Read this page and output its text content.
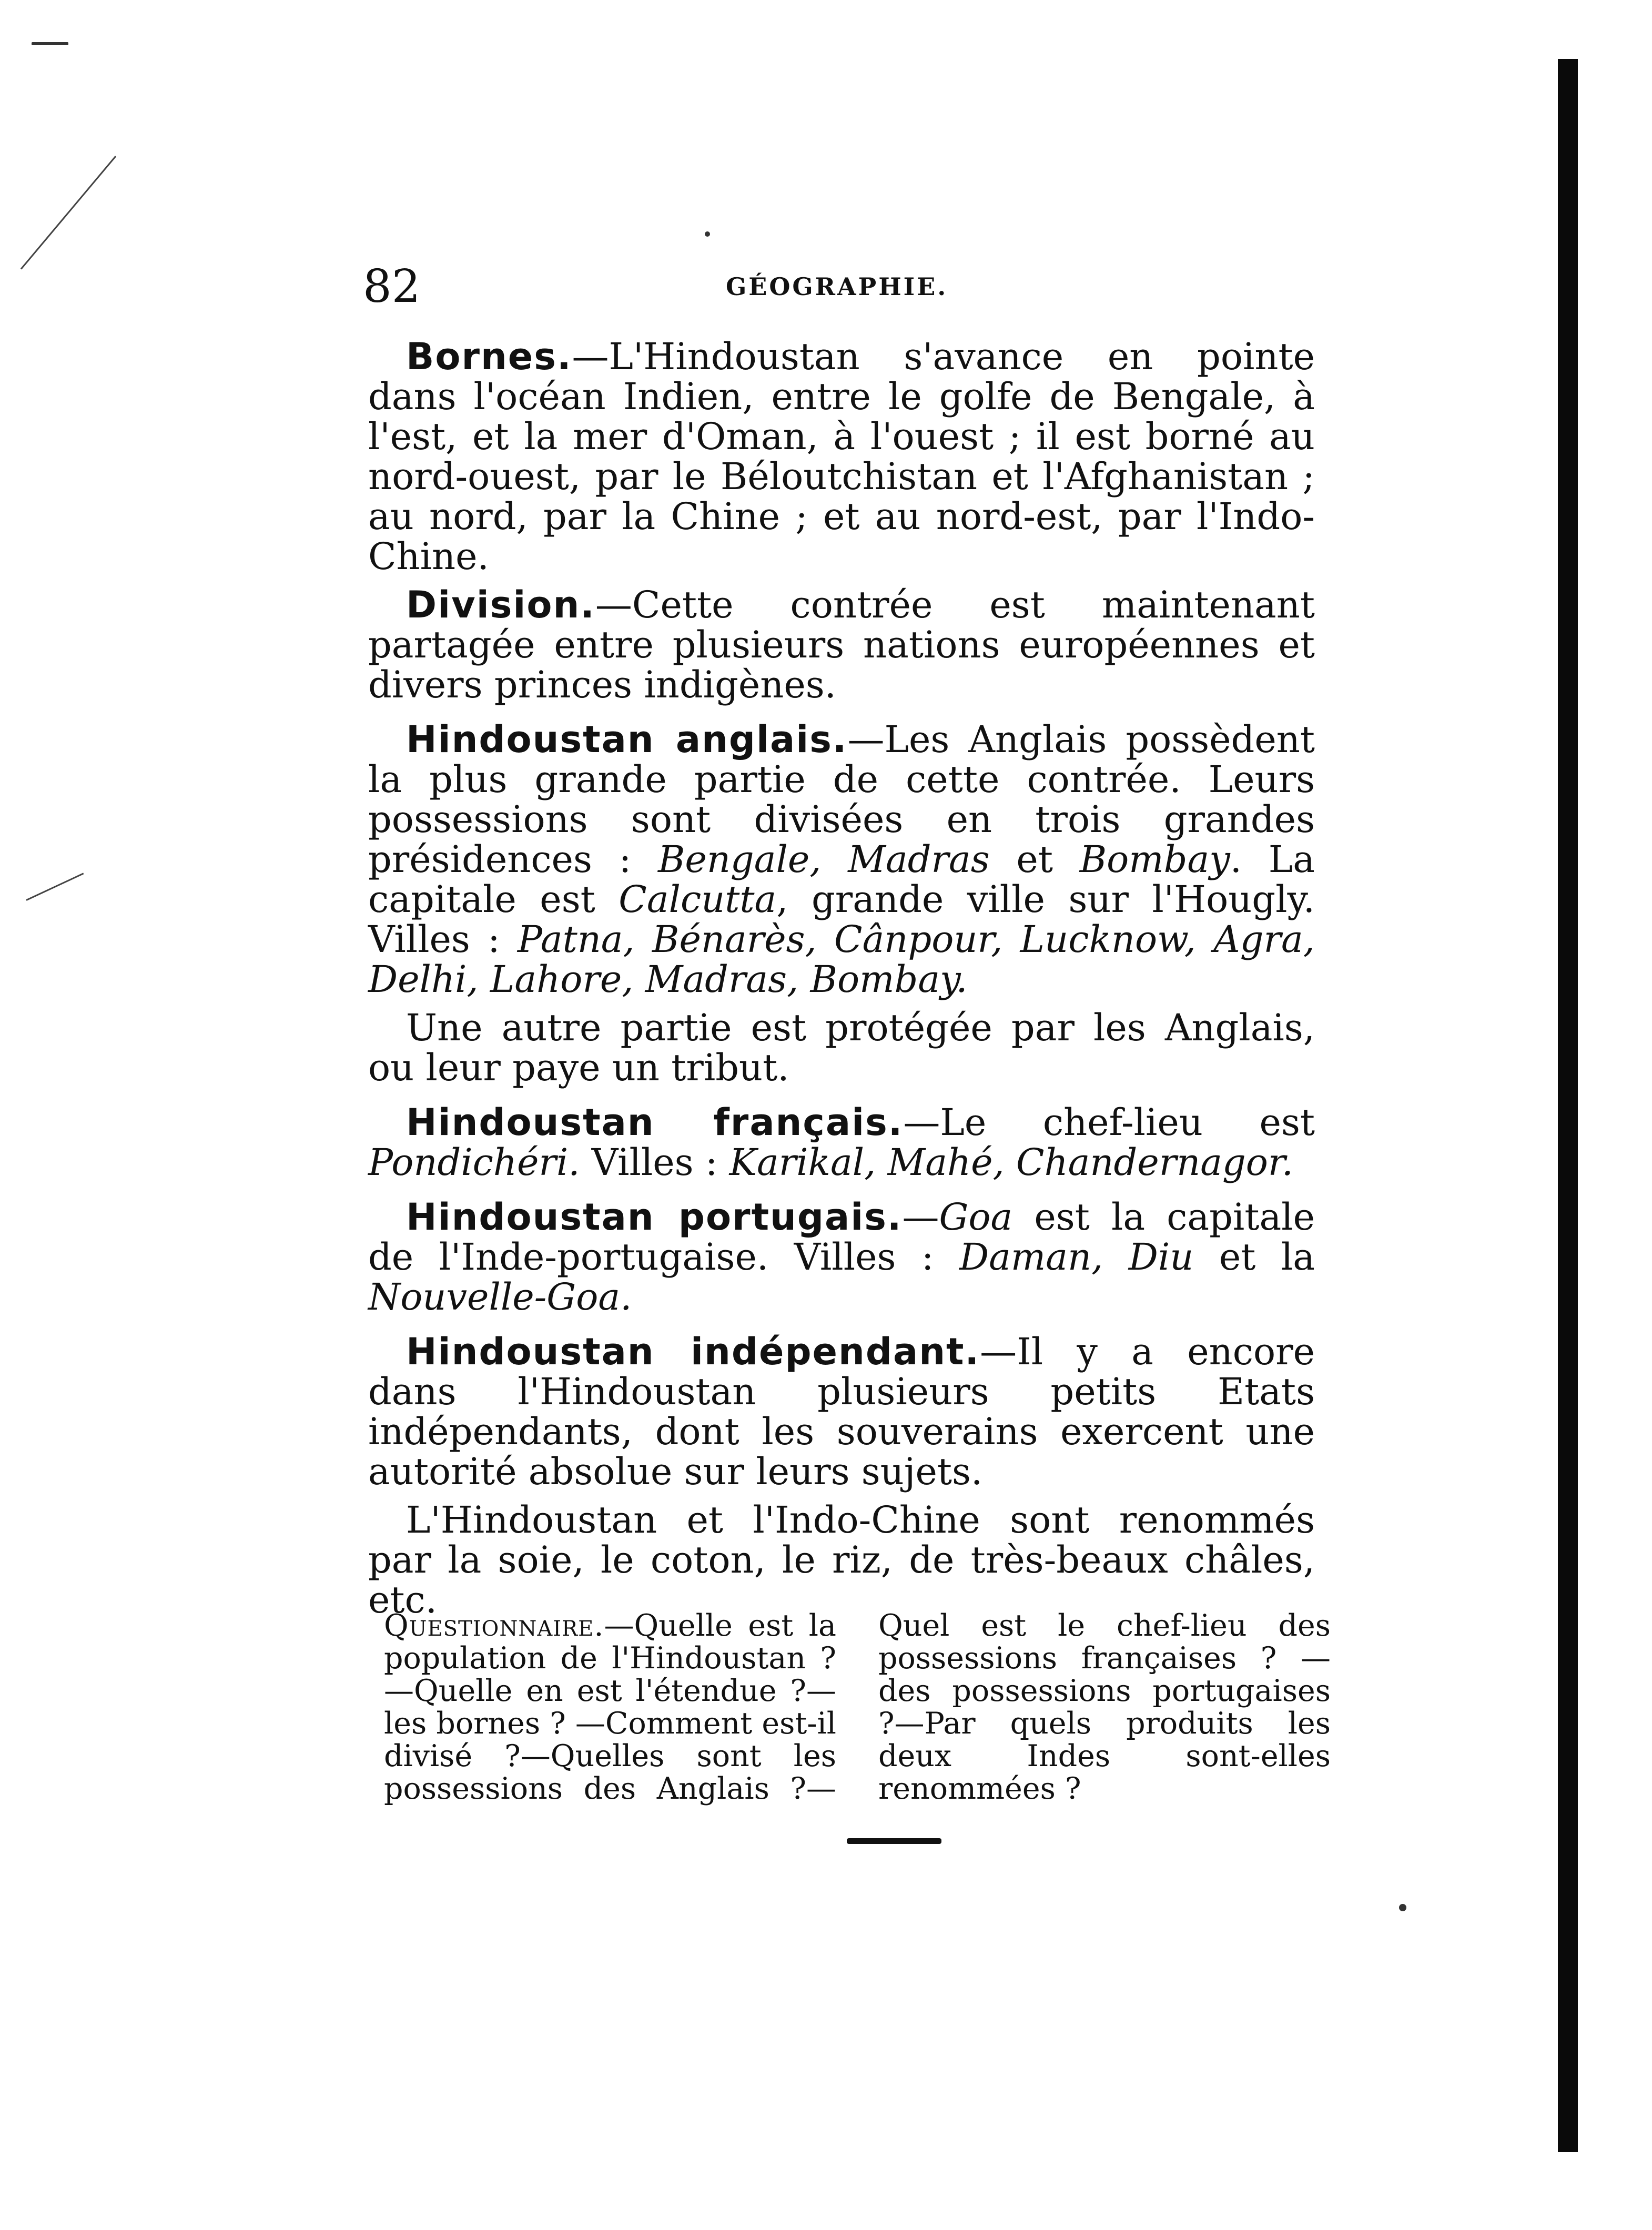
82	GÉOGRAPHIE.

Bornes.—L'Hindoustan s'avance en pointe dans l'océan Indien, entre le golfe de Bengale, à l'est, et la mer d'Oman, à l'ouest ; il est borné au nord-ouest, par le Béloutchistan et l'Afghanistan ; au nord, par la Chine ; et au nord-est, par l'Indo-Chine.

Division.—Cette contrée est maintenant partagée entre plusieurs nations européennes et divers princes indigènes.

Hindoustan anglais.—Les Anglais possèdent la plus grande partie de cette contrée. Leurs possessions sont divisées en trois grandes présidences : Bengale, Madras et Bombay. La capitale est Calcutta, grande ville sur l'Hougly. Villes : Patna, Bénarès, Cânpour, Lucknow, Agra, Delhi, Lahore, Madras, Bombay.

Une autre partie est protégée par les Anglais, ou leur paye un tribut.

Hindoustan français.—Le chef-lieu est Pondichéri. Villes : Karikal, Mahé, Chandernagor.

Hindoustan portugais.—Goa est la capitale de l'Inde-portugaise. Villes : Daman, Diu et la Nouvelle-Goa.

Hindoustan indépendant.—Il y a encore dans l'Hindoustan plusieurs petits Etats indépendants, dont les souverains exercent une autorité absolue sur leurs sujets.

L'Hindoustan et l'Indo-Chine sont renommés par la soie, le coton, le riz, de très-beaux châles, etc.

Questionnaire.—Quelle est la population de l'Hindoustan ?—Quelle en est l'étendue ?—les bornes ? —Comment est-il divisé ?—Quelles sont les possessions des Anglais ?—Quel est le chef-lieu des possessions françaises ? —des possessions portugaises ?—Par quels produits les deux Indes sont-elles renommées ?
